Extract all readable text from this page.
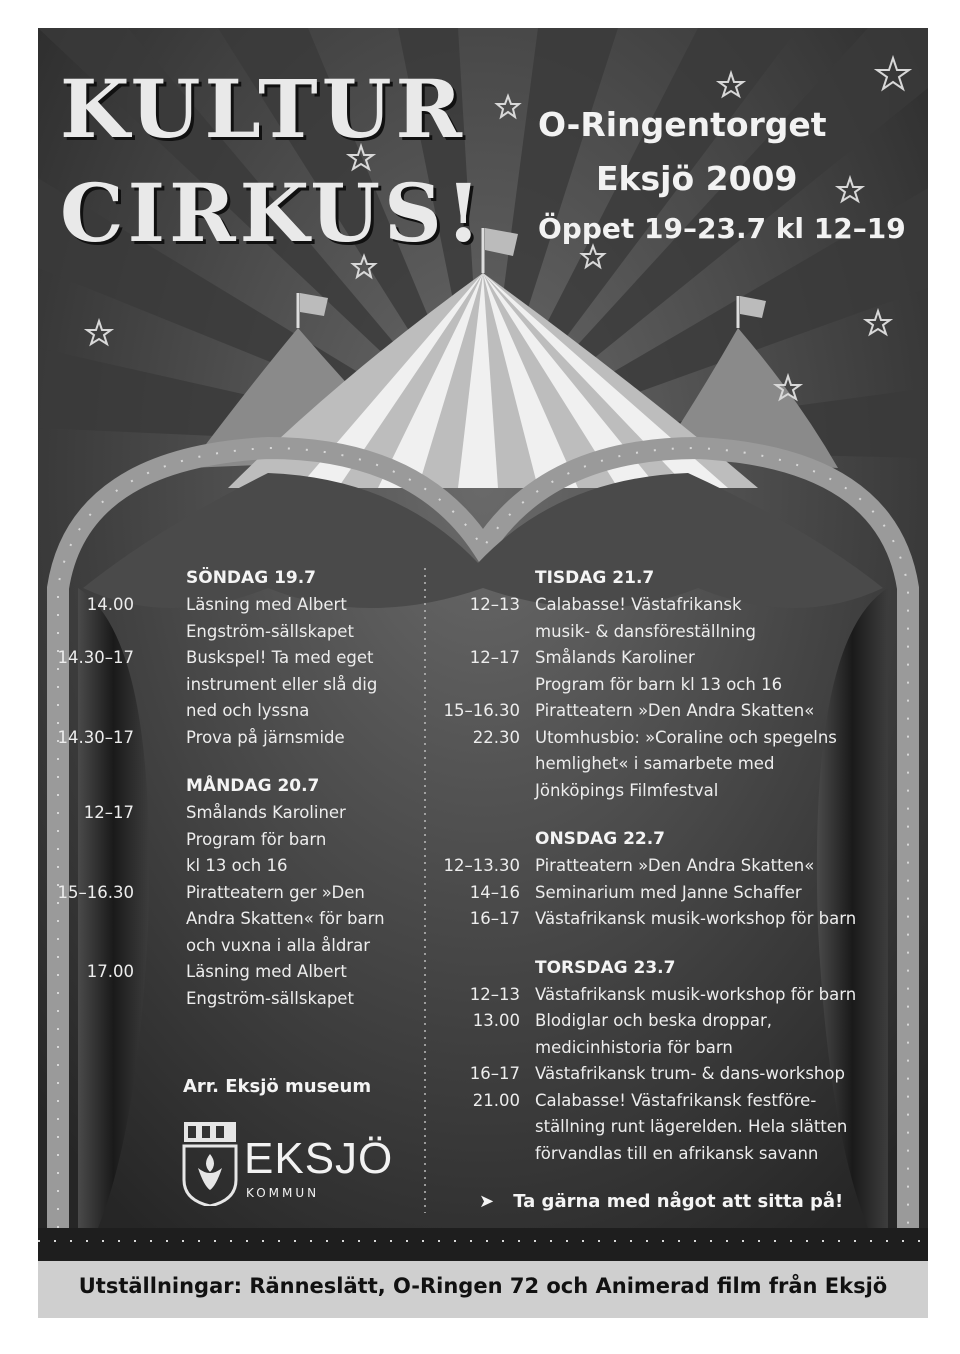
KULTUR
CIRKUS!
O-Ringentorget
Eksjö 2009
Öppet 19–23.7 kl 12–19
SÖNDAG 19.7
14.00	Läsning med Albert
Engström-sällskapet
14.30–17	Buskspel! Ta med eget
instrument eller slå dig
ned och lyssna
14.30–17	Prova på järnsmide
MÅNDAG 20.7
12–17	Smålands Karoliner
Program för barn
kl 13 och 16
15–16.30	Piratteatern ger »Den
Andra Skatten« för barn
och vuxna i alla åldrar
17.00	Läsning med Albert
Engström-sällskapet
TISDAG 21.7
12–13 Calabasse! Västafrikansk
musik- & dansföreställning
12–17 Smålands Karoliner
Program för barn kl 13 och 16
15–16.30 Piratteatern »Den Andra Skatten«
22.30 Utomhusbio: »Coraline och spegelns
hemlighet« i samarbete med
Jönköpings Filmfestval
ONSDAG 22.7
12–13.30 Piratteatern »Den Andra Skatten«
14–16 Seminarium med Janne Schaffer
16–17 Västafrikansk musik-workshop för barn
TORSDAG 23.7
12–13 Västafrikansk musik-workshop för barn
13.00 Blodiglar och beska droppar,
medicinhistoria för barn
16–17 Västafrikansk trum- & dans-workshop
21.00 Calabasse! Västafrikansk festföre-
ställning runt lägerelden. Hela slätten
förvandlas till en afrikansk savann
➤ Ta gärna med något att sitta på!
Arr. Eksjö museum
EKSJÖ
KOMMUN
Utställningar: Ränneslätt, O-Ringen 72 och Animerad film från Eksjö
